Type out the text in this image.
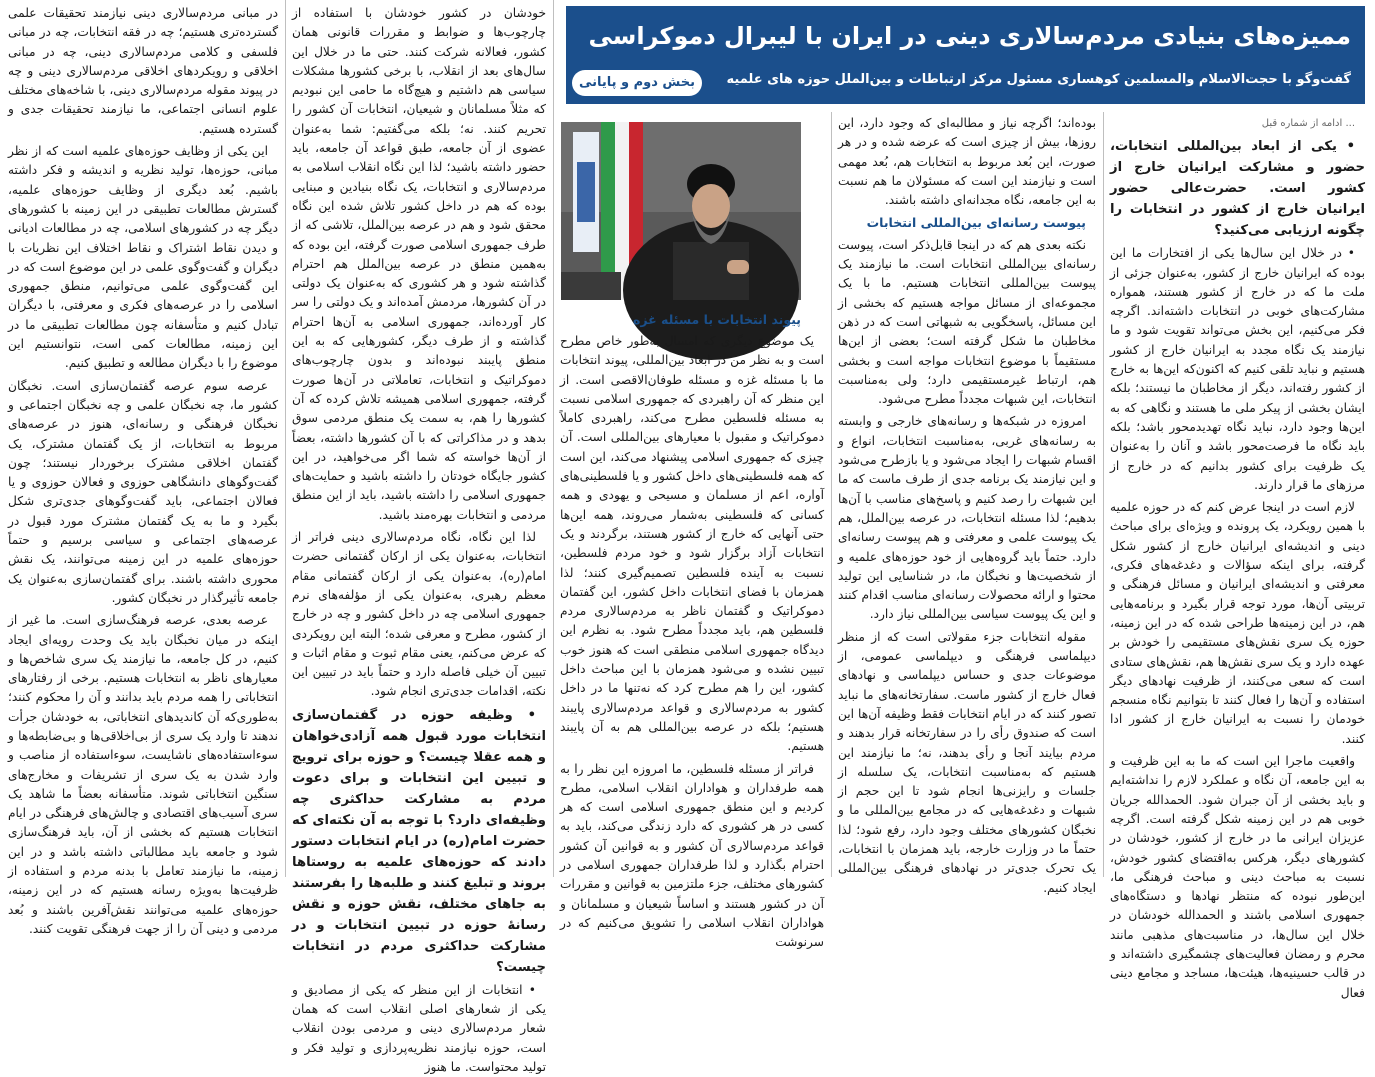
ممیزه‌های بنیادی مردم‌سالاری دینی در ایران با لیبرال دموکراسی
گفت‌وگو با حجت‌الاسلام والمسلمین کوهساری مسئول مرکز ارتباطات و بین‌الملل حوزه های علمیه
بخش دوم و پایانی
پیوند انتخابات با مسئله غزه

... ادامه از شماره قبل

• یکی از ابعاد بین‌المللی انتخابات، حضور و مشارکت ایرانیان خارج از کشور است. حضرت‌عالی حضور ایرانیان خارج از کشور در انتخابات را چگونه ارزیابی می‌کنید؟

• در خلال این سال‌ها یکی از افتخارات ما این بوده که ایرانیان خارج از کشور، به‌عنوان جزئی از ملت ما که در خارج از کشور هستند، همواره مشارکت‌های خوبی در انتخابات داشته‌اند. اگرچه فکر می‌کنیم، این بخش می‌تواند تقویت شود و ما نیازمند یک نگاه مجدد به ایرانیان خارج از کشور هستیم و نباید تلقی کنیم که اکنون‌که این‌ها به خارج از کشور رفته‌اند، دیگر از مخاطبان ما نیستند؛ بلکه ایشان بخشی از پیکر ملی ما هستند و نگاهی که به این‌ها وجود دارد، نباید نگاه تهدیدمحور باشد؛ بلکه باید نگاه ما فرصت‌محور باشد و آنان را به‌عنوان یک ظرفیت برای کشور بدانیم که در خارج از مرزهای ما قرار دارند.

لازم است در اینجا عرض کنم که در حوزه علمیه با همین رویکرد، یک پرونده و ویژه‌ای برای مباحث دینی و اندیشه‌ای ایرانیان خارج از کشور شکل گرفته، برای اینکه سؤالات و دغدغه‌های فکری، معرفتی و اندیشه‌ای ایرانیان و مسائل فرهنگی و تربیتی آن‌ها، مورد توجه قرار بگیرد و برنامه‌هایی هم، در این زمینه‌ها طراحی شده که در این زمینه، حوزه یک سری نقش‌های مستقیمی را خودش بر عهده دارد و یک سری نقش‌ها هم، نقش‌های ستادی است که سعی می‌کنند، از ظرفیت نهادهای دیگر استفاده و آن‌ها را فعال کنند تا بتوانیم نگاه منسجم خودمان را نسبت به ایرانیان خارج از کشور ادا کنند.

واقعیت ماجرا این است که ما به این ظرفیت و به این جامعه، آن نگاه و عملکرد لازم را نداشته‌ایم و باید بخشی از آن جبران شود. الحمدالله جریان خوبی هم در این زمینه شکل گرفته است. اگرچه عزیزان ایرانی ما در خارج از کشور، خودشان در کشورهای دیگر، هرکس به‌اقتضای کشور خودش، نسبت به مباحث دینی و مباحث فرهنگی ما، این‌طور نبوده که منتظر نهادها و دستگاه‌های جمهوری اسلامی باشند و الحمدالله خودشان در خلال این سال‌ها، در مناسبت‌های مذهبی مانند محرم و رمضان فعالیت‌های چشمگیری داشته‌اند و در قالب حسینیه‌ها، هیئت‌ها، مساجد و مجامع دینی فعال

بوده‌اند؛ اگرچه نیاز و مطالبه‌ای که وجود دارد، این روزها، بیش از چیزی است که عرضه شده و در هر صورت، این بُعد مربوط به انتخابات هم، بُعد مهمی است و نیازمند این است که مسئولان ما هم نسبت به این جامعه، نگاه مجدانه‌ای داشته باشند.

پیوست رسانه‌ای بین‌المللی انتخابات

نکته بعدی هم که در اینجا قابل‌ذکر است، پیوست رسانه‌ای بین‌المللی انتخابات است. ما نیازمند یک پیوست بین‌المللی انتخابات هستیم. ما با یک مجموعه‌ای از مسائل مواجه هستیم که بخشی از این مسائل، پاسخگویی به شبهاتی است که در ذهن مخاطبان ما شکل گرفته است؛ بعضی از این‌ها مستقیماً با موضوع انتخابات مواجه است و بخشی هم، ارتباط غیرمستقیمی دارد؛ ولی به‌مناسبت انتخابات، این شبهات مجدداً مطرح می‌شود.

امروزه در شبکه‌ها و رسانه‌های خارجی و وابسته به رسانه‌های غربی، به‌مناسبت انتخابات، انواع و اقسام شبهات را ایجاد می‌شود و یا بازطرح می‌شود و این نیازمند یک برنامه جدی از طرف ماست که ما این شبهات را رصد کنیم و پاسخ‌های مناسب با آن‌ها بدهیم؛ لذا مسئله انتخابات، در عرصه بین‌الملل، هم یک پیوست علمی و معرفتی و هم پیوست رسانه‌ای دارد. حتماً باید گروه‌هایی از خود حوزه‌های علمیه و از شخصیت‌ها و نخبگان ما، در شناسایی این تولید محتوا و ارائه محصولات رسانه‌ای مناسب اقدام کنند و این یک پیوست سیاسی بین‌المللی نیاز دارد.

مقوله انتخابات جزء مقولاتی است که از منظر دیپلماسی فرهنگی و دیپلماسی عمومی، از موضوعات جدی و حساس دیپلماسی و نهادهای فعال خارج از کشور ماست. سفارتخانه‌های ما نباید تصور کنند که در ایام انتخابات فقط وظیفه آن‌ها این است که صندوق رأی را در سفارتخانه قرار بدهند و مردم بیایند آنجا و رأی بدهند، نه؛ ما نیازمند این هستیم که به‌مناسبت انتخابات، یک سلسله از جلسات و رایزنی‌ها انجام شود تا این حجم از شبهات و دغدغه‌هایی که در مجامع بین‌المللی ما و نخبگان کشورهای مختلف وجود دارد، رفع شود؛ لذا حتماً ما در وزارت خارجه، باید همزمان با انتخابات، یک تحرک جدی‌تر در نهادهای فرهنگی بین‌المللی ایجاد کنیم.

یک موضوع دیگری که امسال به‌طور خاص مطرح است و به نظر من در ابعاد بین‌المللی، پیوند انتخابات ما با مسئله غزه و مسئله طوفان‌الاقصی است. از این منظر که آن راهبردی که جمهوری اسلامی نسبت به مسئله فلسطین مطرح می‌کند، راهبردی کاملاً دموکراتیک و مقبول با معیارهای بین‌المللی است. آن چیزی که جمهوری اسلامی پیشنهاد می‌کند، این است که همه فلسطینی‌های داخل کشور و یا فلسطینی‌های آواره، اعم از مسلمان و مسیحی و یهودی و همه کسانی که فلسطینی به‌شمار می‌روند، همه این‌ها حتی آنهایی که خارج از کشور هستند، برگردند و یک انتخابات آزاد برگزار شود و خود مردم فلسطین، نسبت به آینده فلسطین تصمیم‌گیری کنند؛ لذا همزمان با فضای انتخابات داخل کشور، این گفتمان دموکراتیک و گفتمان ناظر به مردم‌سالاری مردم فلسطین هم، باید مجدداً مطرح شود. به نظرم این دیدگاه جمهوری اسلامی منطقی است که هنوز خوب تبیین نشده و می‌شود همزمان با این مباحث داخل کشور، این را هم مطرح کرد که نه‌تنها ما در داخل کشور به مردم‌سالاری و قواعد مردم‌سالاری پایبند هستیم؛ بلکه در عرصه بین‌المللی هم به آن پایبند هستیم.

فراتر از مسئله فلسطین، ما امروزه این نظر را به همه طرفداران و هواداران انقلاب اسلامی، مطرح کردیم و این منطق جمهوری اسلامی است که هر کسی در هر کشوری که دارد زندگی می‌کند، باید به قواعد مردم‌سالاری آن کشور و به قوانین آن کشور احترام بگذارد و لذا طرفداران جمهوری اسلامی در کشورهای مختلف، جزء ملتزمین به قوانین و مقررات آن در کشور هستند و اساساً شیعیان و مسلمانان و هواداران انقلاب اسلامی را تشویق می‌کنیم که در سرنوشت

خودشان در کشور خودشان با استفاده از چارچوب‌ها و ضوابط و مقررات قانونی همان کشور، فعالانه شرکت کنند. حتی ما در خلال این سال‌های بعد از انقلاب، با برخی کشورها مشکلات سیاسی هم داشتیم و هیچ‌گاه ما حامی این نبودیم که مثلاً مسلمانان و شیعیان، انتخابات آن کشور را تحریم کنند. نه؛ بلکه می‌گفتیم: شما به‌عنوان عضوی از آن جامعه، طبق قواعد آن جامعه، باید حضور داشته باشید؛ لذا این نگاه انقلاب اسلامی به مردم‌سالاری و انتخابات، یک نگاه بنیادین و مبنایی بوده که هم در داخل کشور تلاش شده این نگاه محقق شود و هم در عرصه بین‌الملل، تلاشی که از طرف جمهوری اسلامی صورت گرفته، این بوده که به‌همین منطق در عرصه بین‌الملل هم احترام گذاشته شود و هر کشوری که به‌عنوان یک دولتی در آن کشورها، مردمش آمده‌اند و یک دولتی را سر کار آورده‌اند، جمهوری اسلامی به آن‌ها احترام گذاشته و از طرف دیگر، کشورهایی که به این منطق پایبند نبوده‌اند و بدون چارچوب‌های دموکراتیک و انتخابات، تعاملاتی در آن‌ها صورت گرفته، جمهوری اسلامی همیشه تلاش کرده که آن کشورها را هم، به سمت یک منطق مردمی سوق بدهد و در مذاکراتی که با آن کشورها داشته، بعضاً از آن‌ها خواسته که شما اگر می‌خواهید، در این کشور جایگاه خودتان را داشته باشید و حمایت‌های جمهوری اسلامی را داشته باشید، باید از این منطق مردمی و انتخابات بهره‌مند باشید.

لذا این نگاه، نگاه مردم‌سالاری دینی فراتر از انتخابات، به‌عنوان یکی از ارکان گفتمانی حضرت امام(ره)، به‌عنوان یکی از ارکان گفتمانی مقام معظم رهبری، به‌عنوان یکی از مؤلفه‌های نرم جمهوری اسلامی چه در داخل کشور و چه در خارج از کشور، مطرح و معرفی شده؛ البته این رویکردی که عرض می‌کنم، یعنی مقام ثبوت و مقام اثبات و تبیین آن خیلی فاصله دارد و حتماً باید در تبیین این نکته، اقدامات جدی‌تری انجام شود.

• وظیفه حوزه در گفتمان‌سازی انتخابات مورد قبول همه آزادی‌خواهان و همه عقلا چیست؟ و حوزه برای ترویج و تبیین این انتخابات و برای دعوت مردم به مشارکت حداکثری چه وظیفه‌ای دارد؟ با توجه به آن نکته‌ای که حضرت امام(ره) در ایام انتخابات دستور دادند که حوزه‌های علمیه به روستاها بروند و تبلیغ کنند و طلبه‌ها را بفرستند به جاهای مختلف، نقش حوزه و نقش رسانهٔ حوزه در تبیین انتخابات و در مشارکت حداکثری مردم در انتخابات چیست؟

• انتخابات از این منظر که یکی از مصادیق و یکی از شعارهای اصلی انقلاب است که همان شعار مردم‌سالاری دینی و مردمی بودن انقلاب است، حوزه نیازمند نظریه‌پردازی و تولید فکر و تولید محتواست. ما هنوز

در مبانی مردم‌سالاری دینی نیازمند تحقیقات علمی گسترده‌تری هستیم؛ چه در فقه انتخابات، چه در مبانی فلسفی و کلامی مردم‌سالاری دینی، چه در مبانی اخلاقی و رویکردهای اخلاقی مردم‌سالاری دینی و چه در پیوند مقوله مردم‌سالاری دینی، با شاخه‌های مختلف علوم انسانی اجتماعی، ما نیازمند تحقیقات جدی و گسترده هستیم.

این یکی از وظایف حوزه‌های علمیه است که از نظر مبانی، حوزه‌ها، تولید نظریه و اندیشه و فکر داشته باشیم. بُعد دیگری از وظایف حوزه‌های علمیه، گسترش مطالعات تطبیقی در این زمینه با کشورهای دیگر چه در کشورهای اسلامی، چه در مطالعات ادیانی و دیدن نقاط اشتراک و نقاط اختلاف این نظریات با دیگران و گفت‌وگوی علمی در این موضوع است که در این گفت‌وگوی علمی می‌توانیم، منطق جمهوری اسلامی را در عرصه‌های فکری و معرفتی، با دیگران تبادل کنیم و متأسفانه چون مطالعات تطبیقی ما در این زمینه، مطالعات کمی است، نتوانستیم این موضوع را با دیگران مطالعه و تطبیق کنیم.

عرصه سوم عرصه گفتمان‌سازی است. نخبگان کشور ما، چه نخبگان علمی و چه نخبگان اجتماعی و نخبگان فرهنگی و رسانه‌ای، هنوز در عرصه‌های مربوط به انتخابات، از یک گفتمان مشترک، یک گفتمان اخلاقی مشترک برخوردار نیستند؛ چون گفت‌وگوهای دانشگاهی حوزوی و فعالان حوزوی و یا فعالان اجتماعی، باید گفت‌وگوهای جدی‌تری شکل بگیرد و ما به یک گفتمان مشترک مورد قبول در عرصه‌های اجتماعی و سیاسی برسیم و حتماً حوزه‌های علمیه در این زمینه می‌توانند، یک نقش محوری داشته باشند. برای گفتمان‌سازی به‌عنوان یک جامعه تأثیرگذار در نخبگان کشور.

عرصه بعدی، عرصه فرهنگ‌سازی است. ما غیر از اینکه در میان نخبگان باید یک وحدت رویه‌ای ایجاد کنیم، در کل جامعه، ما نیازمند یک سری شاخص‌ها و معیارهای ناظر به انتخابات هستیم. برخی از رفتارهای انتخاباتی را همه مردم باید بدانند و آن را محکوم کنند؛ به‌طوری‌که آن کاندیدهای انتخاباتی، به خودشان جرأت ندهند تا وارد یک سری از بی‌اخلاقی‌ها و بی‌ضابطه‌ها و سوءاستفاده‌های ناشایست، سوءاستفاده از مناصب و وارد شدن به یک سری از تشریفات و مخارج‌های سنگین انتخاباتی شوند. متأسفانه بعضاً ما شاهد یک سری آسیب‌های اقتصادی و چالش‌های فرهنگی در ایام انتخابات هستیم که بخشی از آن، باید فرهنگ‌سازی شود و جامعه باید مطالباتی داشته باشد و در این زمینه، ما نیازمند تعامل با بدنه مردم و استفاده از ظرفیت‌ها به‌ویژه رسانه هستیم که در این زمینه، حوزه‌های علمیه می‌توانند نقش‌آفرین باشند و بُعد مردمی و دینی آن را از جهت فرهنگی تقویت کنند.
